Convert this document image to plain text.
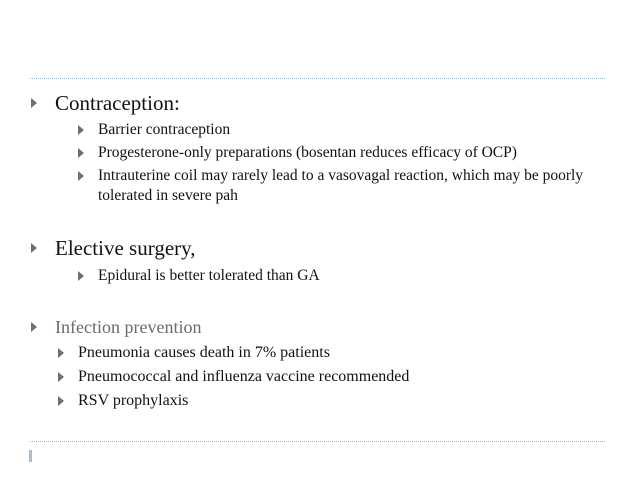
Contraception:
Barrier contraception
Progesterone-only preparations (bosentan reduces efficacy of OCP)
Intrauterine coil may rarely lead to a vasovagal reaction, which may be poorly tolerated in severe pah
Elective surgery,
Epidural is better tolerated than GA
Infection prevention
Pneumonia causes death in 7% patients
Pneumococcal and influenza vaccine recommended
RSV prophylaxis
